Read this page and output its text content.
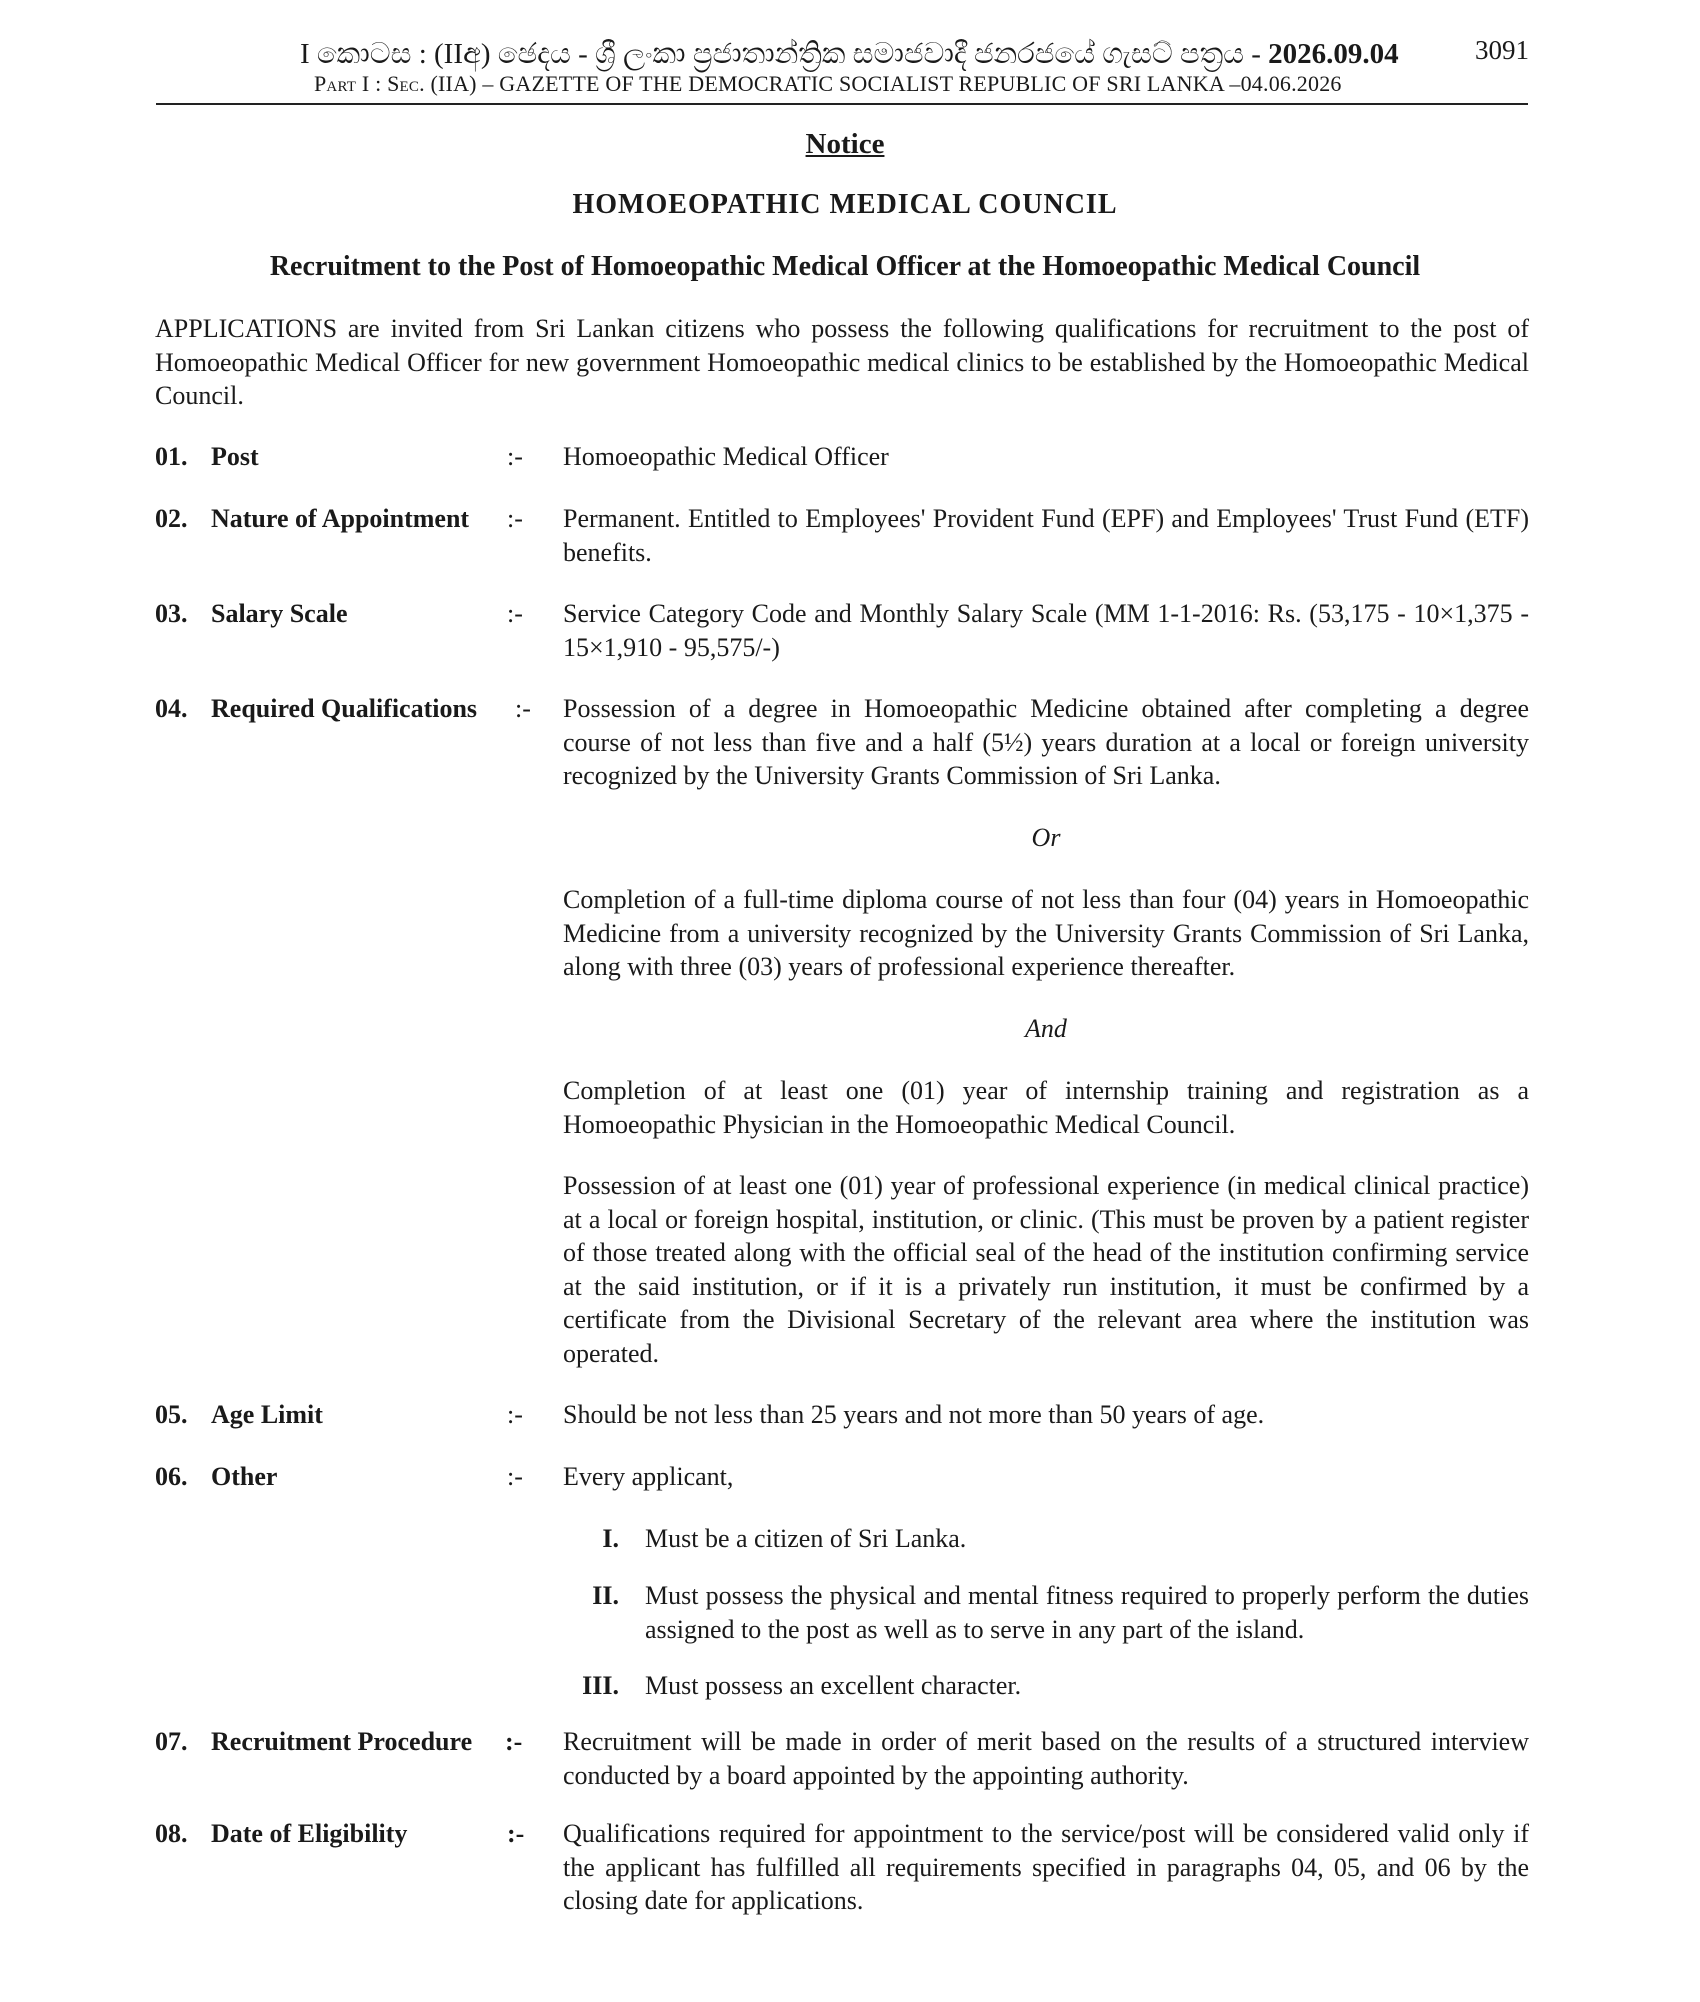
I කොටස : (IIඅ) ඡෙදය - ශ්‍රී ලංකා ප්‍රජාතාන්ත්‍රික සමාජවාදී ජනරජයේ ගැසට් පත්‍රය - 2026.09.04	3091
Part I : Sec. (IIA) – GAZETTE OF THE DEMOCRATIC SOCIALIST REPUBLIC OF SRI LANKA –04.06.2026
Notice
HOMOEOPATHIC MEDICAL COUNCIL
Recruitment to the Post of Homoeopathic Medical Officer at the Homoeopathic Medical Council
APPLICATIONS are invited from Sri Lankan citizens who possess the following qualifications for recruitment to the post of Homoeopathic Medical Officer for new government Homoeopathic medical clinics to be established by the Homoeopathic Medical Council.
01. Post	:- Homoeopathic Medical Officer
02. Nature of Appointment :- Permanent. Entitled to Employees' Provident Fund (EPF) and Employees' Trust Fund (ETF) benefits.
03. Salary Scale	:- Service Category Code and Monthly Salary Scale (MM 1-1-2016: Rs. (53,175 - 10×1,375 - 15×1,910 - 95,575/-)
04. Required Qualifications :- Possession of a degree in Homoeopathic Medicine obtained after completing a degree course of not less than five and a half (5½) years duration at a local or foreign university recognized by the University Grants Commission of Sri Lanka.
Or
Completion of a full-time diploma course of not less than four (04) years in Homoeopathic Medicine from a university recognized by the University Grants Commission of Sri Lanka, along with three (03) years of professional experience thereafter.
And
Completion of at least one (01) year of internship training and registration as a Homoeopathic Physician in the Homoeopathic Medical Council.
Possession of at least one (01) year of professional experience (in medical clinical practice) at a local or foreign hospital, institution, or clinic. (This must be proven by a patient register of those treated along with the official seal of the head of the institution confirming service at the said institution, or if it is a privately run institution, it must be confirmed by a certificate from the Divisional Secretary of the relevant area where the institution was operated.
05. Age Limit	:- Should be not less than 25 years and not more than 50 years of age.
06. Other	:- Every applicant,
I. Must be a citizen of Sri Lanka.
II. Must possess the physical and mental fitness required to properly perform the duties assigned to the post as well as to serve in any part of the island.
III. Must possess an excellent character.
07. Recruitment Procedure :- Recruitment will be made in order of merit based on the results of a structured interview conducted by a board appointed by the appointing authority.
08. Date of Eligibility	:- Qualifications required for appointment to the service/post will be considered valid only if the applicant has fulfilled all requirements specified in paragraphs 04, 05, and 06 by the closing date for applications.
